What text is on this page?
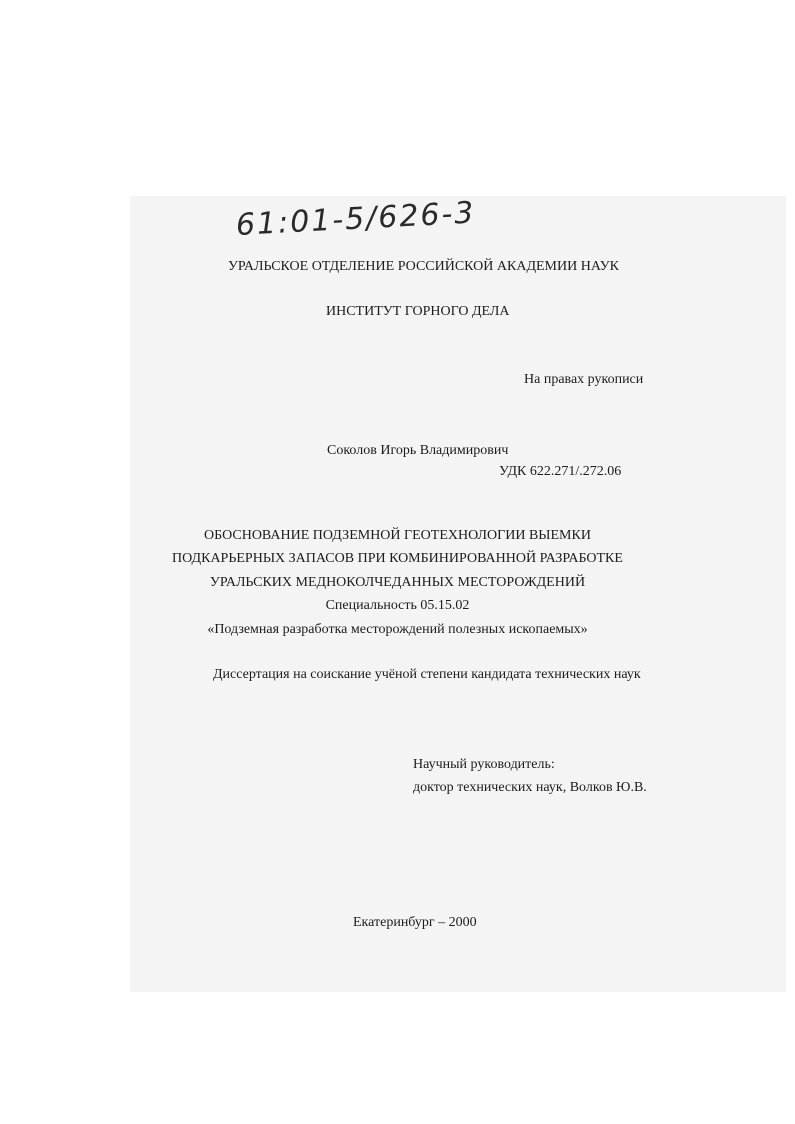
61:01-5/626-3
УРАЛЬСКОЕ ОТДЕЛЕНИЕ РОССИЙСКОЙ АКАДЕМИИ НАУК
ИНСТИТУТ ГОРНОГО ДЕЛА
На правах рукописи
Соколов Игорь Владимирович
УДК 622.271/.272.06
ОБОСНОВАНИЕ ПОДЗЕМНОЙ ГЕОТЕХНОЛОГИИ ВЫЕМКИ
ПОДКАРЬЕРНЫХ ЗАПАСОВ ПРИ КОМБИНИРОВАННОЙ РАЗРАБОТКЕ
УРАЛЬСКИХ МЕДНОКОЛЧЕДАННЫХ МЕСТОРОЖДЕНИЙ
Специальность 05.15.02
«Подземная разработка месторождений полезных ископаемых»
Диссертация на соискание учёной степени кандидата технических наук
Научный руководитель:
доктор технических наук, Волков Ю.В.
Екатеринбург – 2000
